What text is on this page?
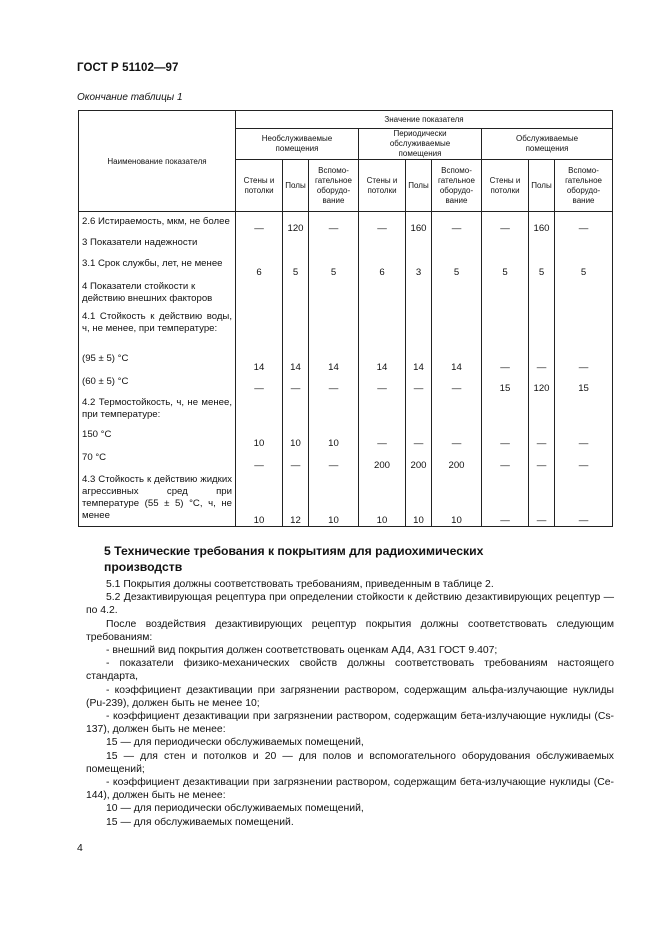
ГОСТ Р 51102—97
Окончание таблицы 1
Наименование показателя	Значение показателя								

	Необслуживаемые помещения			Периодически обслуживаемые помещения			Обслуживаемые помещения		

	Стены и потолки	Полы	Вспомо-гательное оборудо-вание	Стены и потолки	Полы	Вспомо-гательное оборудо-вание	Стены и потолки	Полы	Вспомо-гательное оборудо-вание

2.6 Истираемость, мкм, не более	—	120	—	—	160	—	—	160	—
3 Показатели надежности									
3.1 Срок службы, лет, не менее	6	5	5	6	3	5	5	5	5
4 Показатели стойкости к действию внешних факторов									
4.1 Стойкость к действию воды, ч, не менее, при температуре:									
(95 ± 5) °С	14	14	14	14	14	14	—	—	—
(60 ± 5) °С	—	—	—	—	—	—	15	120	15
4.2 Термостойкость, ч, не менее, при температуре:									
150 °С	10	10	10	—	—	—	—	—	—
70 °С	—	—	—	200	200	200	—	—	—
4.3 Стойкость к действию жидких агрессивных сред при температуре (55 ± 5) °С, ч, не менее	10	12	10	10	10	10	—	—	—
5 Технические требования к покрытиям для радиохимических производств

5.1 Покрытия должны соответствовать требованиям, приведенным в таблице 2.

5.2 Дезактивирующая рецептура при определении стойкости к действию дезактивирующих рецептур — по 4.2.

После воздействия дезактивирующих рецептур покрытия должны соответствовать следующим требованиям:

- внешний вид покрытия должен соответствовать оценкам АД4, АЗ1 ГОСТ 9.407;

- показатели физико-механических свойств должны соответствовать требованиям настоящего стандарта,

- коэффициент дезактивации при загрязнении раствором, содержащим альфа-излучающие нуклиды (Pu-239), должен быть не менее 10;

- коэффициент дезактивации при загрязнении раствором, содержащим бета-излучающие нуклиды (Cs-137), должен быть не менее:

15 — для периодически обслуживаемых помещений,

15 — для стен и потолков и 20 — для полов и вспомогательного оборудования обслуживаемых помещений;

- коэффициент дезактивации при загрязнении раствором, содержащим бета-излучающие нуклиды (Ce-144), должен быть не менее:

10 — для периодически обслуживаемых помещений,

15 — для обслуживаемых помещений.

4
